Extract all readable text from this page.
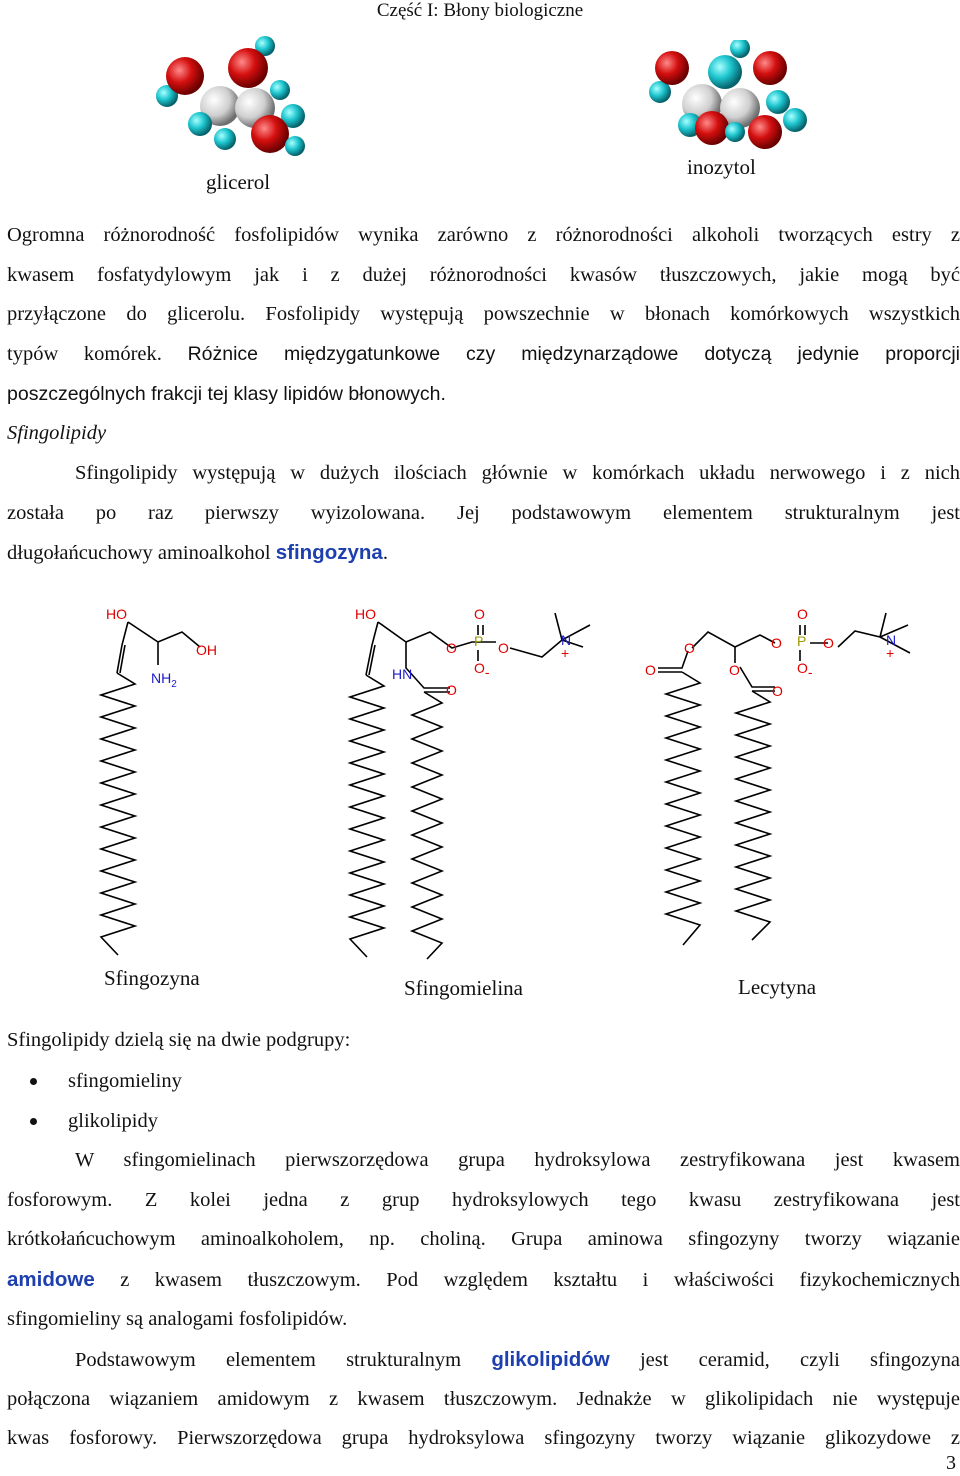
Część I: Błony biologiczne
glicerol
inozytol
Ogromna różnorodność fosfolipidów wynika zarówno z różnorodności alkoholi tworzących estry z
kwasem fosfatydylowym jak i z dużej różnorodności kwasów tłuszczowych, jakie mogą być
przyłączone do glicerolu. Fosfolipidy występują powszechnie w błonach komórkowych wszystkich
typów komórek. Różnice międzygatunkowe czy międzynarządowe dotyczą jedynie proporcji
poszczególnych frakcji tej klasy lipidów błonowych.
Sfingolipidy
Sfingolipidy występują w dużych ilościach głównie w komórkach układu nerwowego i z nich
została po raz pierwszy wyizolowana. Jej podstawowym elementem strukturalnym jest
długołańcuchowy aminoalkohol sfingozyna.
HO
OH
$NH_2$
HO
HN
O
O
O
P O
O-
N
+	O
O	O
O
O
O
P O
O-
N
+
Sfingozyna	Sfingomielina	Lecytyna
Sfingolipidy dzielą się na dwie podgrupy:
sfingomieliny
glikolipidy
W sfingomielinach pierwszorzędowa grupa hydroksylowa zestryfikowana jest kwasem
fosforowym. Z kolei jedna z grup hydroksylowych tego kwasu zestryfikowana jest
krótkołańcuchowym aminoalkoholem, np. choliną. Grupa aminowa sfingozyny tworzy wiązanie
amidowe z kwasem tłuszczowym. Pod względem kształtu i właściwości fizykochemicznych
sfingomieliny są analogami fosfolipidów.
Podstawowym elementem strukturalnym glikolipidów jest ceramid, czyli sfingozyna
połączona wiązaniem amidowym z kwasem tłuszczowym. Jednakże w glikolipidach nie występuje
kwas fosforowy. Pierwszorzędowa grupa hydroksylowa sfingozyny tworzy wiązanie glikozydowe z
3
